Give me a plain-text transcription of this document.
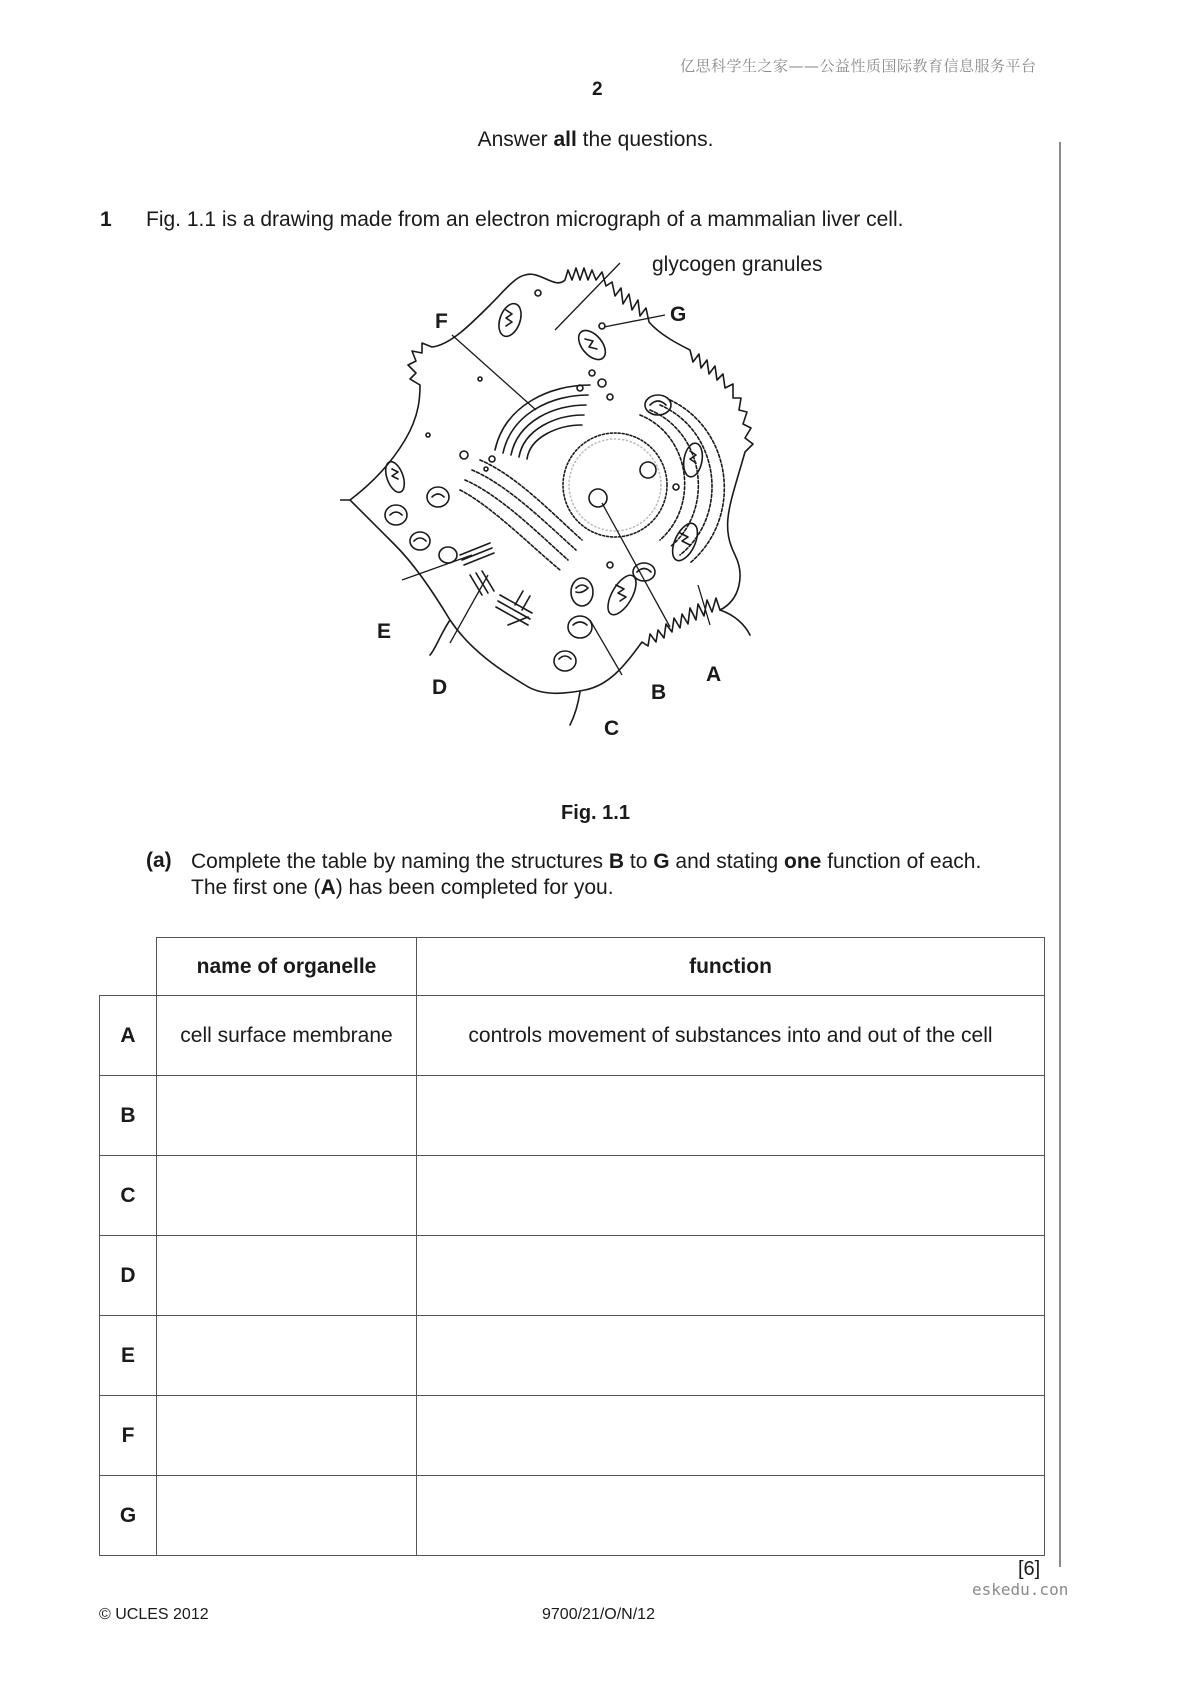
亿思科学生之家——公益性质国际教育信息服务平台
2
Answer all the questions.
1 Fig. 1.1 is a drawing made from an electron micrograph of a mammalian liver cell.
glycogen granules
G
F
E
D	B
A
C
Fig. 1.1
(a) Complete the table by naming the structures B to G and stating one function of each.
The first one (A) has been completed for you.
	name of organelle	function
A	cell surface membrane	controls movement of substances into and out of the cell
B		
C		
D		
E		
F		
G		
[6]
eskedu.con
© UCLES 2012	9700/21/O/N/12
